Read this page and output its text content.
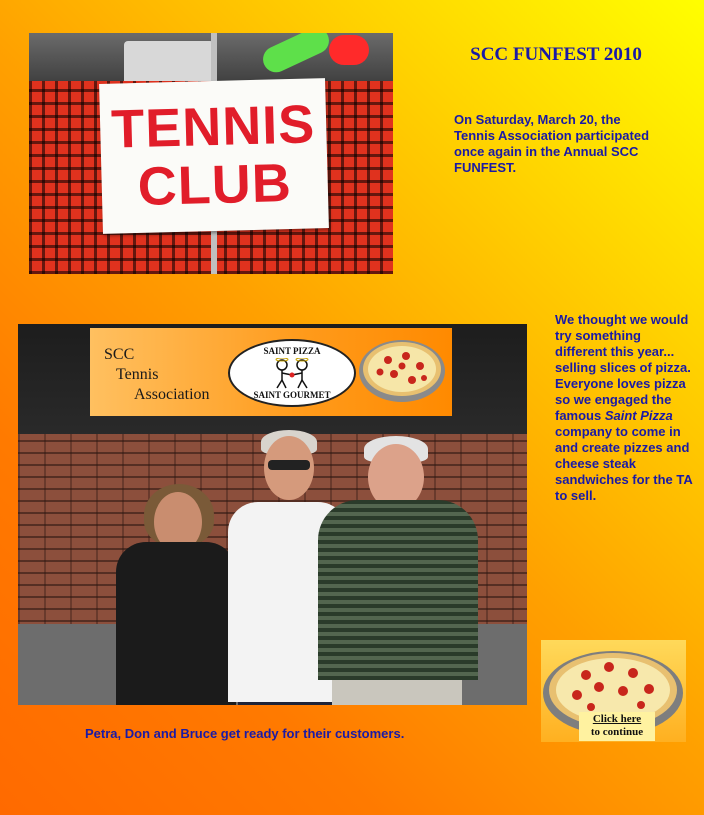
TENNIS
CLUB
SCC FUNFEST 2010
On Saturday, March 20, the Tennis Association participated once again in the Annual SCC FUNFEST.
SCC
Tennis
Association
SAINT PIZZA
SAINT GOURMET
We thought we would try something different this year... selling slices of pizza. Everyone loves pizza so we engaged the famous Saint Pizza company to come in and create pizzes and cheese steak sandwiches for the TA to sell.
Petra, Don and Bruce get ready for their customers.
Click here
to continue
